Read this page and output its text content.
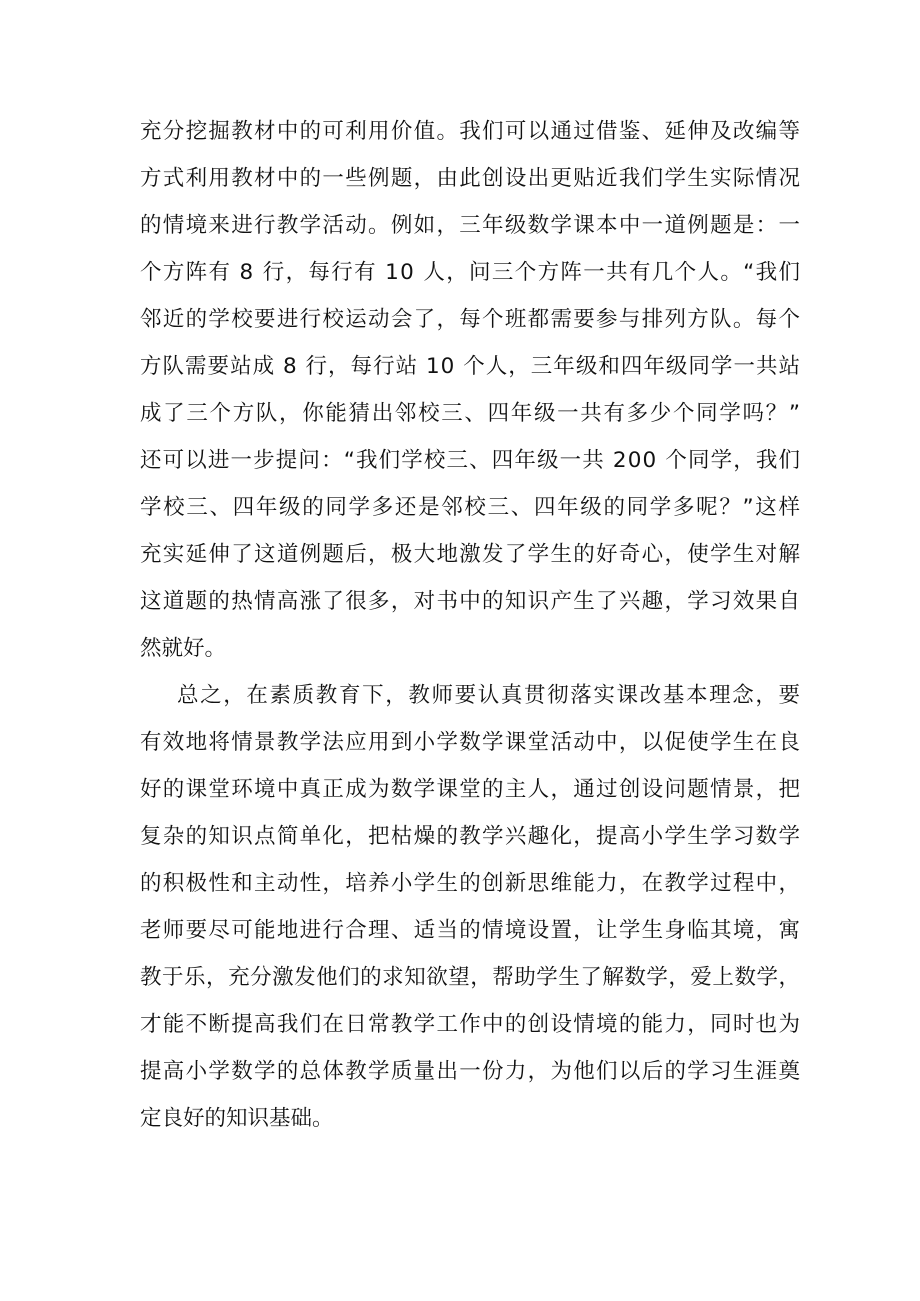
充分挖掘教材中的可利用价值。我们可以通过借鉴、延伸及改编等
方式利用教材中的一些例题，由此创设出更贴近我们学生实际情况
的情境来进行教学活动。例如，三年级数学课本中一道例题是：一
个方阵有 8 行，每行有 10 人，问三个方阵一共有几个人。“我们
邻近的学校要进行校运动会了，每个班都需要参与排列方队。每个
方队需要站成 8 行，每行站 10 个人，三年级和四年级同学一共站
成了三个方队，你能猜出邻校三、四年级一共有多少个同学吗？”
还可以进一步提问：“我们学校三、四年级一共 200 个同学，我们
学校三、四年级的同学多还是邻校三、四年级的同学多呢？”这样
充实延伸了这道例题后，极大地激发了学生的好奇心，使学生对解
这道题的热情高涨了很多，对书中的知识产生了兴趣，学习效果自
然就好。
总之，在素质教育下，教师要认真贯彻落实课改基本理念，要
有效地将情景教学法应用到小学数学课堂活动中，以促使学生在良
好的课堂环境中真正成为数学课堂的主人，通过创设问题情景，把
复杂的知识点简单化，把枯燥的教学兴趣化，提高小学生学习数学
的积极性和主动性，培养小学生的创新思维能力，在教学过程中，
老师要尽可能地进行合理、适当的情境设置，让学生身临其境，寓
教于乐，充分激发他们的求知欲望，帮助学生了解数学，爱上数学，
才能不断提高我们在日常教学工作中的创设情境的能力，同时也为
提高小学数学的总体教学质量出一份力，为他们以后的学习生涯奠
定良好的知识基础。
